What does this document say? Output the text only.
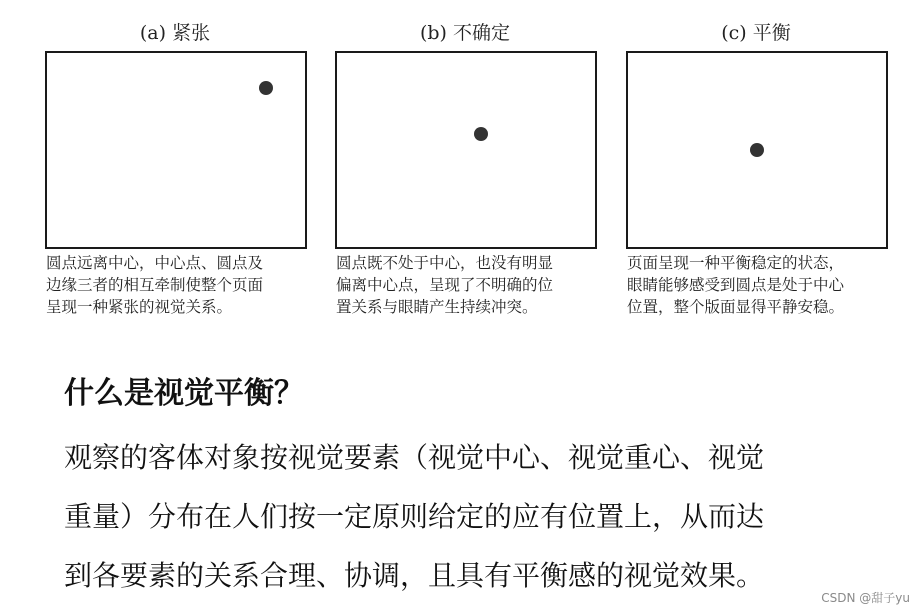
(a) 紧张
圆点远离中心，中心点、圆点及
边缘三者的相互牵制使整个页面
呈现一种紧张的视觉关系。
(b) 不确定
圆点既不处于中心，也没有明显
偏离中心点，呈现了不明确的位
置关系与眼睛产生持续冲突。
(c) 平衡
页面呈现一种平衡稳定的状态，
眼睛能够感受到圆点是处于中心
位置，整个版面显得平静安稳。
什么是视觉平衡？
观察的客体对象按视觉要素（视觉中心、视觉重心、视觉
重量）分布在人们按一定原则给定的应有位置上，从而达
到各要素的关系合理、协调，且具有平衡感的视觉效果。
CSDN @甜子yu
